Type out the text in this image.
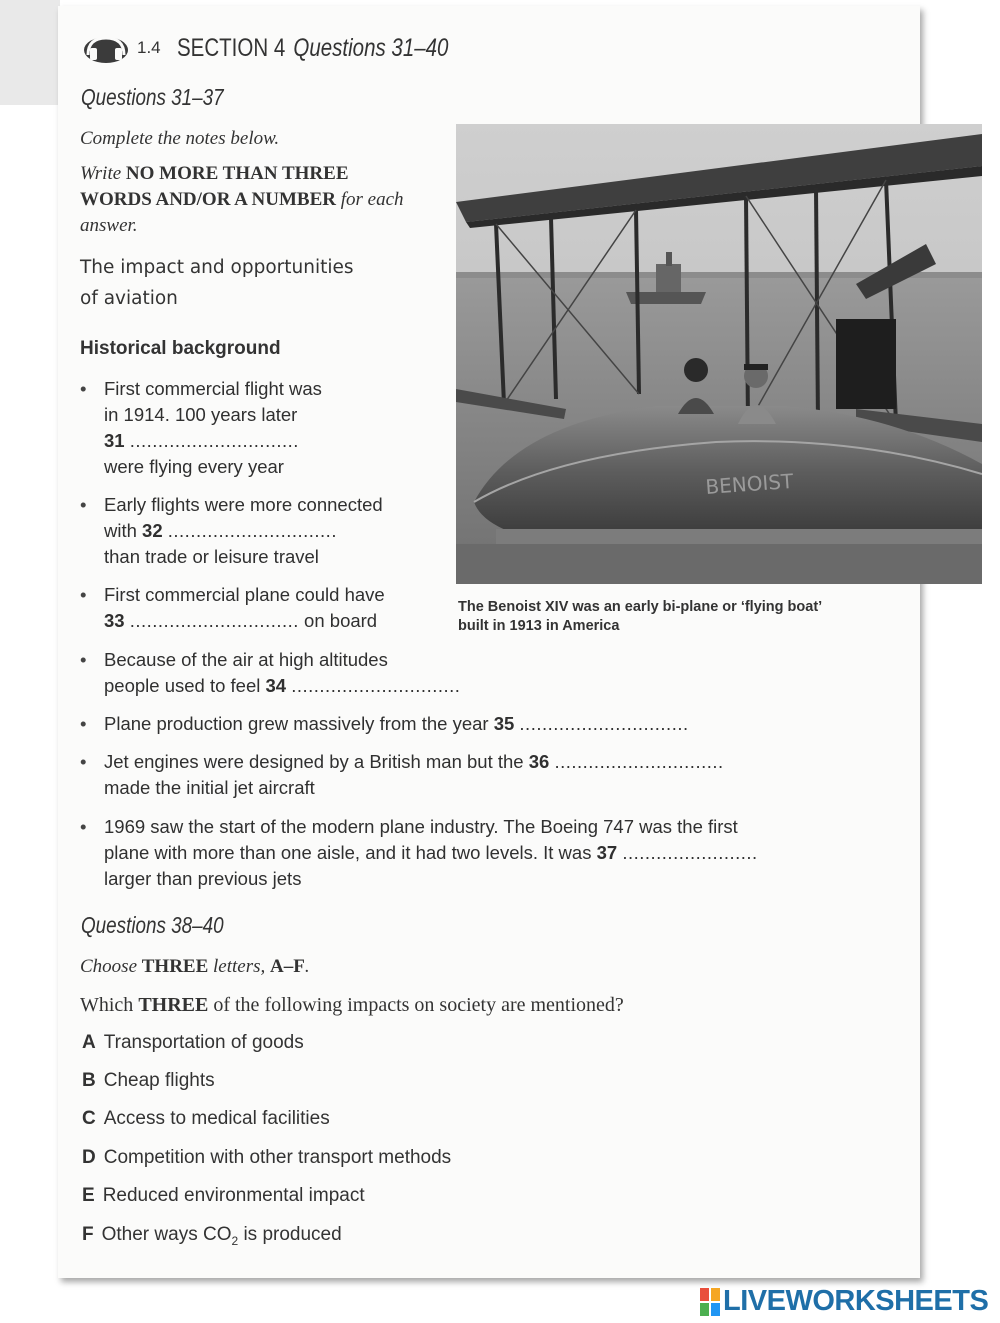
1.4 SECTION 4 Questions 31–40
Questions 31–37
Complete the notes below.
Write NO MORE THAN THREE WORDS AND/OR A NUMBER for each answer.
The impact and opportunities
of aviation
Historical background
• First commercial flight was
in 1914. 100 years later
31 ..............................
were flying every year
• Early flights were more connected
with 32 ..............................
than trade or leisure travel
• First commercial plane could have
33 .............................. on board
• Because of the air at high altitudes
people used to feel 34 ..............................
• Plane production grew massively from the year 35 ..............................
• Jet engines were designed by a British man but the 36 ..............................
made the initial jet aircraft
• 1969 saw the start of the modern plane industry. The Boeing 747 was the first
plane with more than one aisle, and it had two levels. It was 37 ........................
larger than previous jets
BENOIST
The Benoist XIV was an early bi-plane or ‘flying boat’
built in 1913 in America
Questions 38–40
Choose THREE letters, A–F.
Which THREE of the following impacts on society are mentioned?
A Transportation of goods
B Cheap flights
C Access to medical facilities
D Competition with other transport methods
E Reduced environmental impact
F Other ways $CO_2$ is produced
LIVEWORKSHEETS
